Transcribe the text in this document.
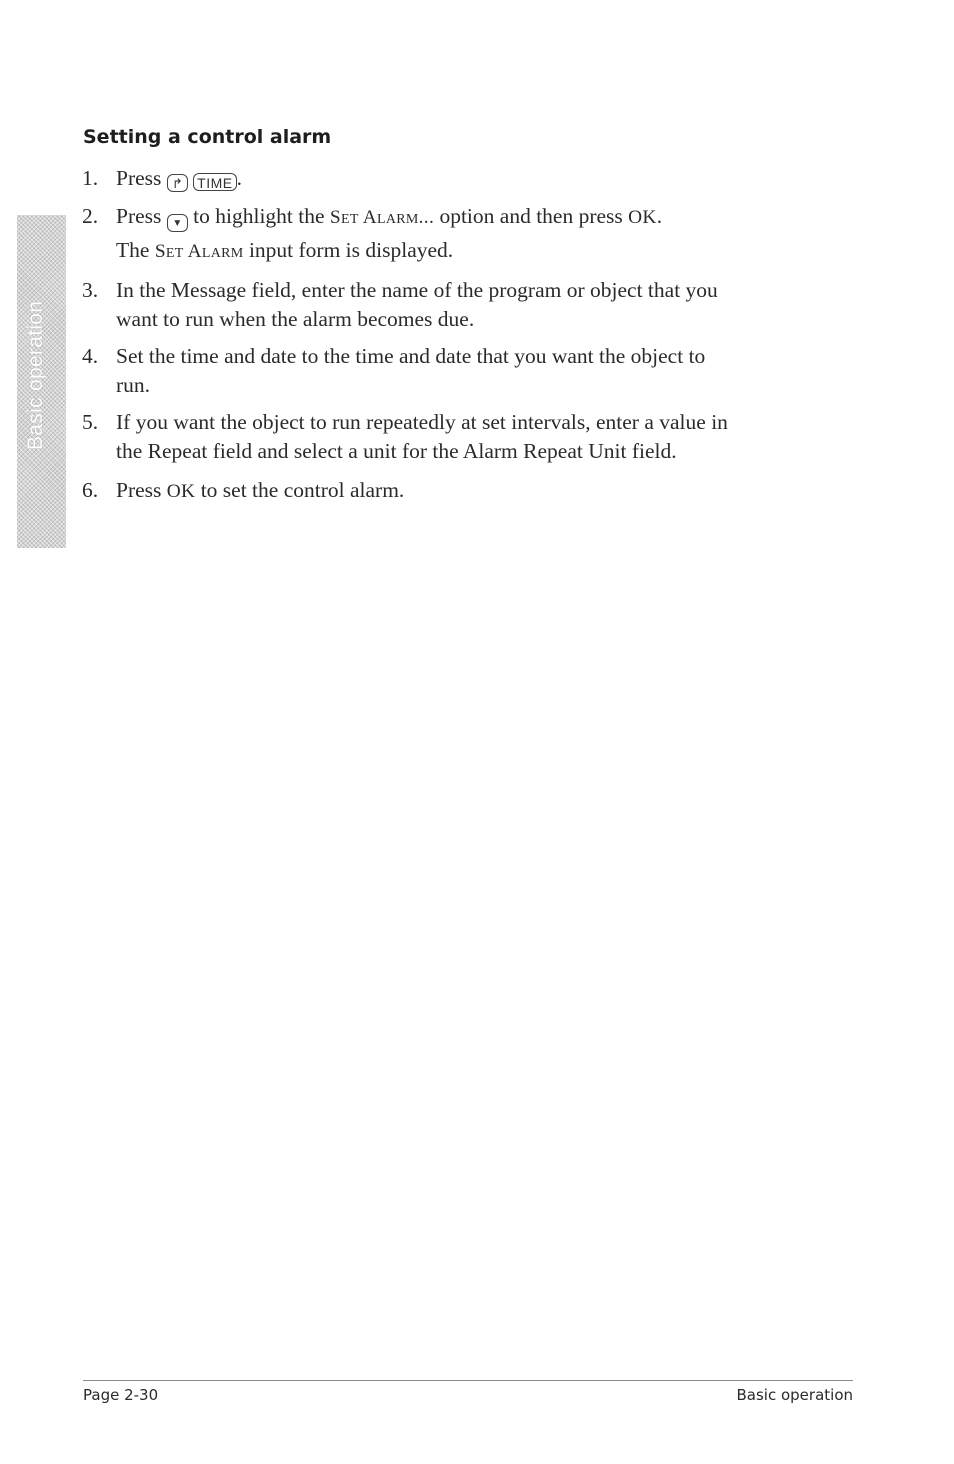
Basic operation
Setting a control alarm
1. Press ↱ TIME .
2. Press ▼ to highlight the Set Alarm... option and then press OK.
The Set Alarm input form is displayed.
3. In the Message field, enter the name of the program or object that you
want to run when the alarm becomes due.
4. Set the time and date to the time and date that you want the object to
run.
5. If you want the object to run repeatedly at set intervals, enter a value in
the Repeat field and select a unit for the Alarm Repeat Unit field.
6. Press OK to set the control alarm.
Page 2-30	Basic operation
